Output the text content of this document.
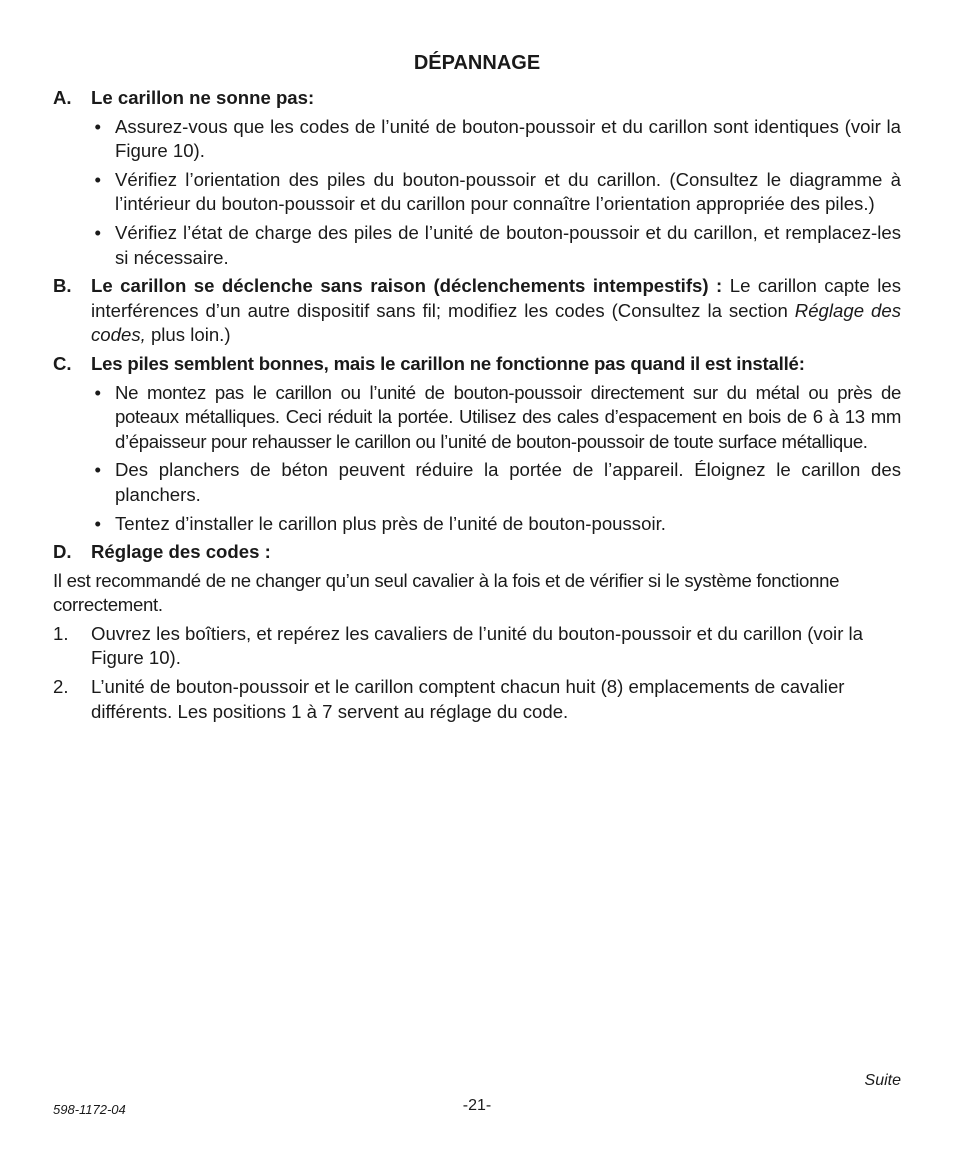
DÉPANNAGE
A.	Le carillon ne sonne pas:
• Assurez-vous que les codes de l’unité de bouton-poussoir et du carillon sont identiques (voir la Figure 10).
• Vérifiez l’orientation des piles du bouton-poussoir et du carillon. (Consultez le diagramme à l’intérieur du bouton-poussoir et du carillon pour connaître l’orientation appropriée des piles.)
• Vérifiez l’état de charge des piles de l’unité de bouton-poussoir et du carillon, et remplacez-les si nécessaire.
B.	Le carillon se déclenche sans raison (déclenchements intempestifs) : Le carillon capte les interférences d’un autre dispositif sans fil; modifiez les codes (Consultez la section Réglage des codes, plus loin.)
C.	Les piles semblent bonnes, mais le carillon ne fonctionne pas quand il est installé:
• Ne montez pas le carillon ou l’unité de bouton-poussoir directement sur du métal ou près de poteaux métalliques. Ceci réduit la portée. Utilisez des cales d’espacement en bois de 6 à 13 mm d’épaisseur pour rehausser le carillon ou l’unité de bouton-poussoir de toute surface métallique.
• Des planchers de béton peuvent réduire la portée de l’appareil. Éloignez le carillon des planchers.
• Tentez d’installer le carillon plus près de l’unité de bouton-poussoir.
D.	Réglage des codes :
Il est recommandé de ne changer qu’un seul cavalier à la fois et de vérifier si le système fonctionne correctement.
1.	Ouvrez les boîtiers, et repérez les cavaliers de l’unité du bouton-poussoir et du carillon (voir la Figure 10).
2.	L’unité de bouton-poussoir et le carillon comptent chacun huit (8) emplacements de cavalier différents. Les positions 1 à 7 servent au réglage du code.
Suite
598-1172-04	-21-
